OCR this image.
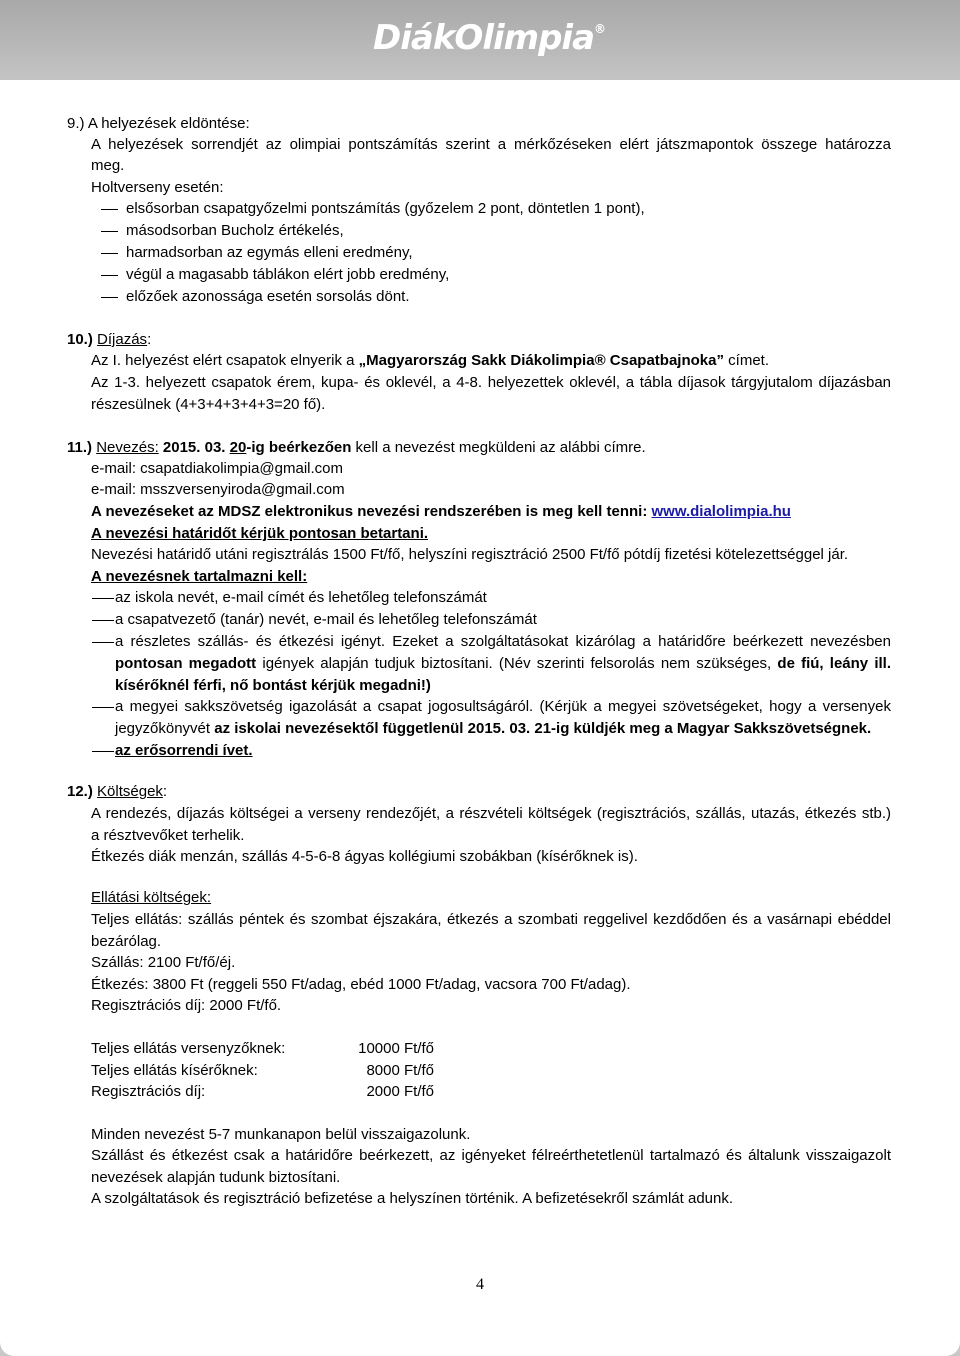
DiákOlimpia®
9.) A helyezések eldöntése:
A helyezések sorrendjét az olimpiai pontszámítás szerint a mérkőzéseken elért játszmapontok összege határozza
meg.
Holtverseny esetén:
elsősorban csapatgyőzelmi pontszámítás (győzelem 2 pont, döntetlen 1 pont),
másodsorban Bucholz értékelés,
harmadsorban az egymás elleni eredmény,
végül a magasabb táblákon elért jobb eredmény,
előzőek azonossága esetén sorsolás dönt.
10.) Díjazás:
Az I. helyezést elért csapatok elnyerik a „Magyarország Sakk Diákolimpia® Csapatbajnoka” címet.
Az 1-3. helyezett csapatok érem, kupa- és oklevél, a 4-8. helyezettek oklevél, a tábla díjasok tárgyjutalom díjazásban
részesülnek (4+3+4+3+4+3=20 fő).
11.) Nevezés: 2015. 03. 20-ig beérkezően kell a nevezést megküldeni az alábbi címre.
e-mail: csapatdiakolimpia@gmail.com
e-mail: msszversenyiroda@gmail.com
A nevezéseket az MDSZ elektronikus nevezési rendszerében is meg kell tenni: www.dialolimpia.hu
A nevezési határidőt kérjük pontosan betartani.
Nevezési határidő utáni regisztrálás 1500 Ft/fő, helyszíni regisztráció 2500 Ft/fő pótdíj fizetési kötelezettséggel jár.
A nevezésnek tartalmazni kell:
az iskola nevét, e-mail címét és lehetőleg telefonszámát
a csapatvezető (tanár) nevét, e-mail és lehetőleg telefonszámát
a részletes szállás- és étkezési igényt. Ezeket a szolgáltatásokat kizárólag a határidőre beérkezett nevezésben
pontosan megadott igények alapján tudjuk biztosítani. (Név szerinti felsorolás nem szükséges, de fiú, leány ill.
kísérőknél férfi, nő bontást kérjük megadni!)
a megyei sakkszövetség igazolását a csapat jogosultságáról. (Kérjük a megyei szövetségeket, hogy a versenyek
jegyzőkönyvét az iskolai nevezésektől függetlenül 2015. 03. 21-ig küldjék meg a Magyar Sakkszövetségnek.
az erősorrendi ívet.
12.) Költségek:
A rendezés, díjazás költségei a verseny rendezőjét, a részvételi költségek (regisztrációs, szállás, utazás, étkezés stb.)
a résztvevőket terhelik.
Étkezés diák menzán, szállás 4-5-6-8 ágyas kollégiumi szobákban (kísérőknek is).
Ellátási költségek:
Teljes ellátás: szállás péntek és szombat éjszakára, étkezés a szombati reggelivel kezdődően és a vasárnapi ebéddel
bezárólag.
Szállás: 2100 Ft/fő/éj.
Étkezés: 3800 Ft (reggeli 550 Ft/adag, ebéd 1000 Ft/adag, vacsora 700 Ft/adag).
Regisztrációs díj: 2000 Ft/fő.
Teljes ellátás versenyzőknek:	10000 Ft/fő
Teljes ellátás kísérőknek:	8000 Ft/fő
Regisztrációs díj:	2000 Ft/fő
Minden nevezést 5-7 munkanapon belül visszaigazolunk.
Szállást és étkezést csak a határidőre beérkezett, az igényeket félreérthetetlenül tartalmazó és általunk visszaigazolt
nevezések alapján tudunk biztosítani.
A szolgáltatások és regisztráció befizetése a helyszínen történik. A befizetésekről számlát adunk.
4
